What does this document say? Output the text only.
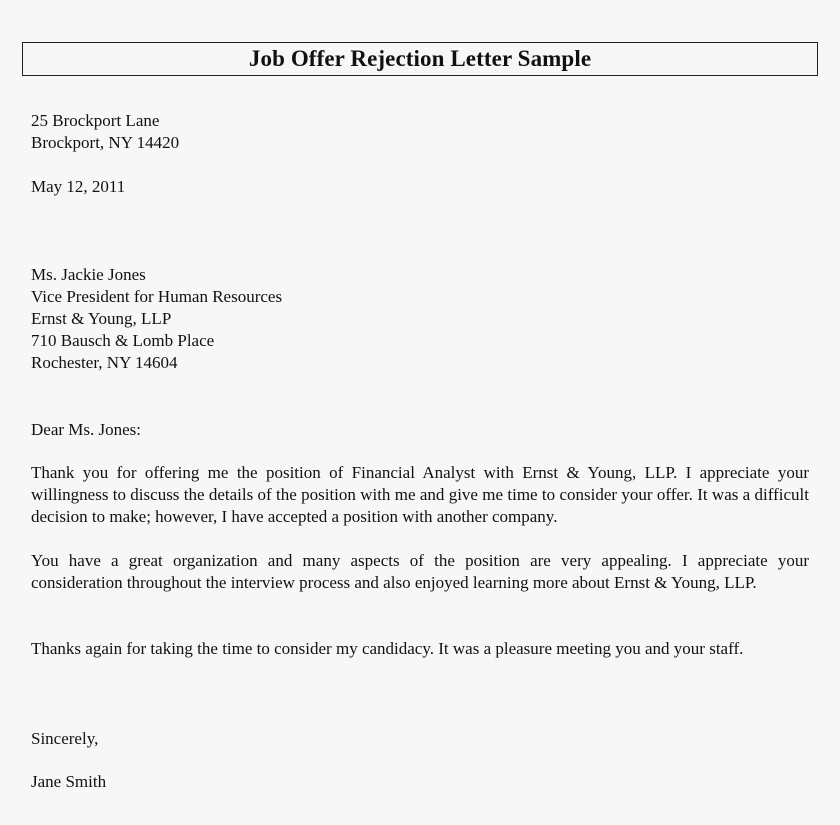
Job Offer Rejection Letter Sample

25 Brockport Lane

Brockport, NY 14420

May 12, 2011

Ms. Jackie Jones

Vice President for Human Resources

Ernst & Young, LLP

710 Bausch & Lomb Place

Rochester, NY 14604

Dear Ms. Jones:

Thank you for offering me the position of Financial Analyst with Ernst & Young, LLP. I appreciate your willingness to discuss the details of the position with me and give me time to consider your offer. It was a difficult decision to make; however, I have accepted a position with another company.

You have a great organization and many aspects of the position are very appealing. I appreciate your consideration throughout the interview process and also enjoyed learning more about Ernst & Young, LLP.

Thanks again for taking the time to consider my candidacy. It was a pleasure meeting you and your staff.

Sincerely,

Jane Smith
